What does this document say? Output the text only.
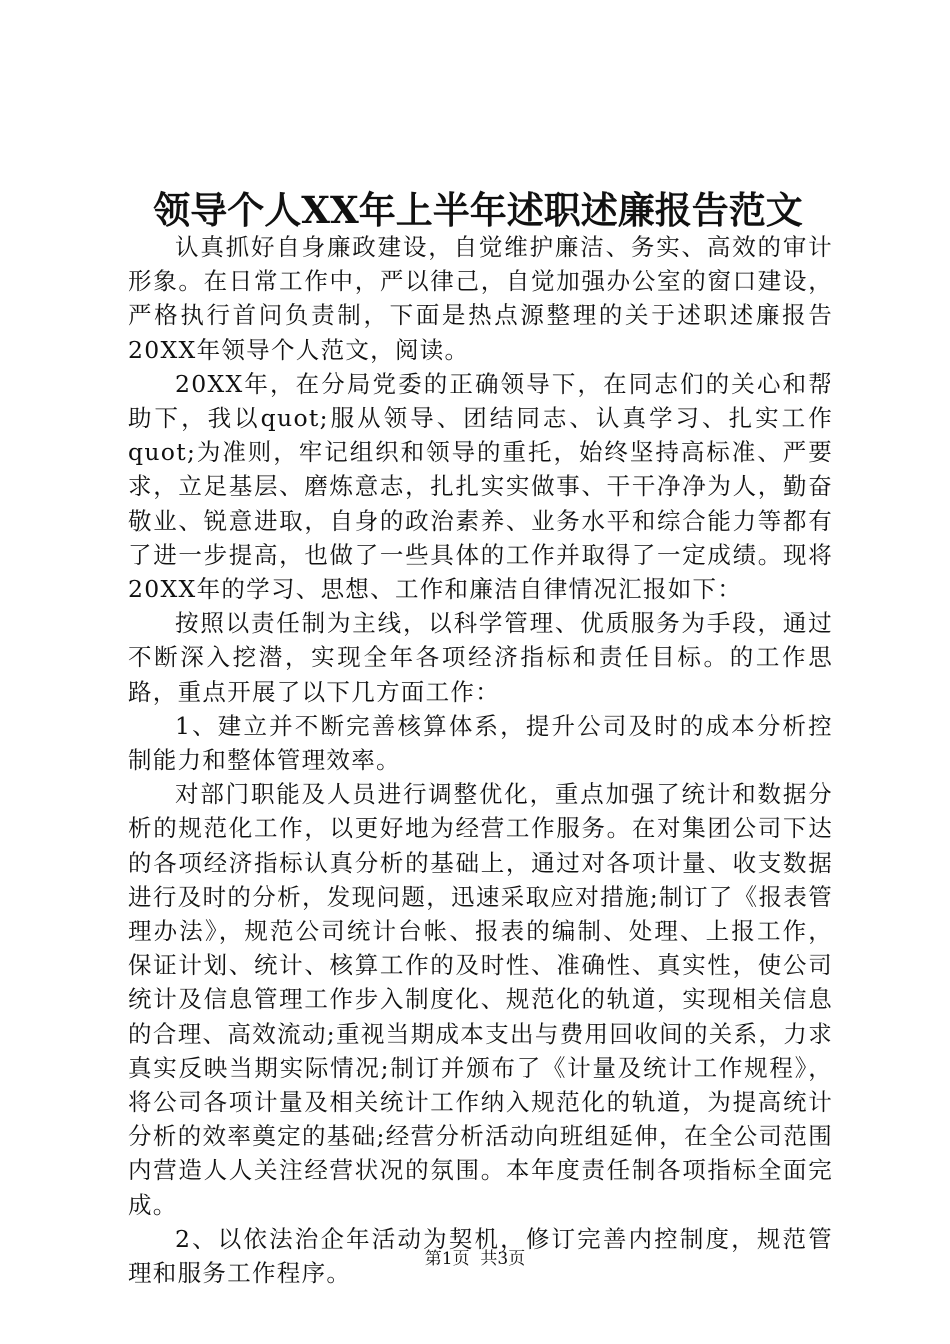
领导个人XX年上半年述职述廉报告范文

认真抓好自身廉政建设，自觉维护廉洁、务实、高效的审计形象。在日常工作中，严以律己，自觉加强办公室的窗口建设，严格执行首问负责制，下面是热点源整理的关于述职述廉报告20XX年领导个人范文，阅读。

20XX年，在分局党委的正确领导下，在同志们的关心和帮助下，我以quot;服从领导、团结同志、认真学习、扎实工作quot;为准则，牢记组织和领导的重托，始终坚持高标准、严要求，立足基层、磨炼意志，扎扎实实做事、干干净净为人，勤奋敬业、锐意进取，自身的政治素养、业务水平和综合能力等都有了进一步提高，也做了一些具体的工作并取得了一定成绩。现将20XX年的学习、思想、工作和廉洁自律情况汇报如下：

按照以责任制为主线，以科学管理、优质服务为手段，通过不断深入挖潜，实现全年各项经济指标和责任目标。的工作思路，重点开展了以下几方面工作：

1、建立并不断完善核算体系，提升公司及时的成本分析控制能力和整体管理效率。

对部门职能及人员进行调整优化，重点加强了统计和数据分析的规范化工作，以更好地为经营工作服务。在对集团公司下达的各项经济指标认真分析的基础上，通过对各项计量、收支数据进行及时的分析，发现问题，迅速采取应对措施;制订了《报表管理办法》，规范公司统计台帐、报表的编制、处理、上报工作，保证计划、统计、核算工作的及时性、准确性、真实性，使公司统计及信息管理工作步入制度化、规范化的轨道，实现相关信息的合理、高效流动;重视当期成本支出与费用回收间的关系，力求真实反映当期实际情况;制订并颁布了《计量及统计工作规程》，将公司各项计量及相关统计工作纳入规范化的轨道，为提高统计分析的效率奠定的基础;经营分析活动向班组延伸，在全公司范围内营造人人关注经营状况的氛围。本年度责任制各项指标全面完成。

2、以依法治企年活动为契机，修订完善内控制度，规范管理和服务工作程序。

第1页 共3页
